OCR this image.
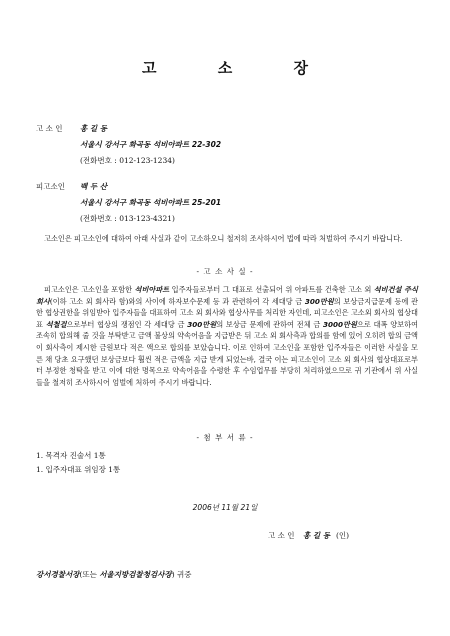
고 소 장
고 소 인 홍 길 동
서울시 강서구 화곡동 석비아파트 22-302
(전화번호 : 012-123-1234)
피고소인 백 두 산
서울시 강서구 화곡동 석비아파트 25-201
(전화번호 : 013-123-4321)
고소인은 피고소인에 대하여 아래 사실과 같이 고소하오니 철저히 조사하시어 법에 따라 처벌하여 주시기 바랍니다.
- 고 소 사 실 -
피고소인은 고소인을 포함한 석비아파트 입주자들로부터 그 대표로 선출되어 위 아파트를 건축한 고소 외 석비건설 주식회사(이하 고소 외 회사라 함)와의 사이에 하자보수문제 등 과 관련하여 각 세대당 금 300만원의 보상금지급문제 등에 관한 협상권한을 위임받아 입주자들을 대표하여 고소 외 회사와 협상사무를 처리한 자인데, 피고소인은 고소외 회사의 협상대표 석철걸으로부터 협상의 쟁점인 각 세대당 금 300만원의 보상금 문제에 관하여 전체 금 3000만원으로 대폭 양보하여 조속히 합의해 줄 것을 부탁받고 금액 불상의 약속어음을 지급받은 뒤 고소 외 회사측과 합의를 함에 있어 오히려 합의 금액이 회사측이 제시한 금원보다 적은 액으로 합의를 보았습니다. 이로 인하여 고소인을 포함한 입주자들은 이러한 사실을 모른 채 당초 요구했던 보상금보다 훨씬 적은 금액을 지급 받게 되었는바, 결국 이는 피고소인이 고소 외 회사의 협상대표로부터 부정한 청탁을 받고 이에 대한 명목으로 약속어음을 수령한 후 수임업무를 부당히 처리하였으므로 귀 기관에서 위 사실들을 철저히 조사하시어 엄벌에 처하여 주시기 바랍니다.
- 첨 부 서 류 -
1. 목격자 진술서 1통
1. 입주자대표 위임장 1통
2006년 11월 21일
고 소 인 홍 길 동 (인)
강서경찰서장(또는 서울지방검찰청검사장) 귀중
